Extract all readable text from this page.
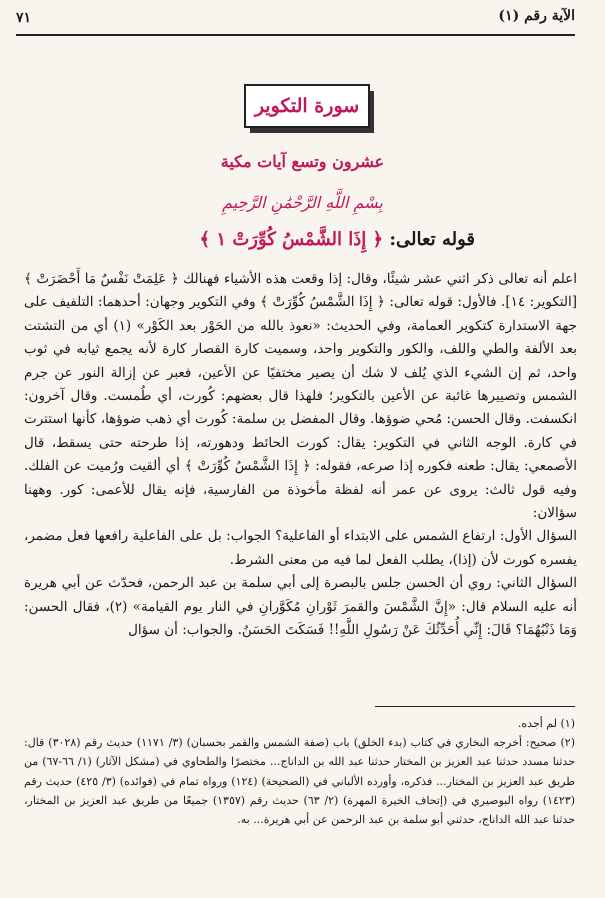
الآية رقم (١)
٧١
سورة التكوير
عشرون وتسع آيات مكية
بِسْمِ اللَّهِ الرَّحْمَٰنِ الرَّحِيمِ
قوله تعالى: ﴿ إِذَا الشَّمْسُ كُوِّرَتْ ١ ﴾

اعلم أنه تعالى ذكر اثني عشر شيئًا، وقال: إذا وقعت هذه الأشياء فهنالك ﴿ عَلِمَتْ نَفْسٌ مَا أَحْضَرَتْ ﴾ [التكوير: ١٤]. فالأول: قوله تعالى: ﴿ إِذَا الشَّمْسُ كُوِّرَتْ ﴾ وفي التكوير وجهان: أحدهما: التلفيف على جهة الاستدارة كتكوير العمامة، وفي الحديث: «نعوذ بالله من الحَوْر بعد الكَوْر» (١) أي من التشتت بعد الألفة والطي واللف، والكور والتكوير واحد، وسميت كارة القصار كارة لأنه يجمع ثيابه في ثوب واحد، ثم إن الشيء الذي يُلف لا شك أن يصير مختفيًا عن الأعين، فعبر عن إزالة النور عن جرم الشمس وتصييرها غائبة عن الأعين بالتكوير؛ فلهذا قال بعضهم: كُورت، أي طُمست. وقال آخرون: انكسفت. وقال الحسن: مُحي ضوؤها. وقال المفضل بن سلمة: كُورت أي ذهب ضوؤها، كأنها استترت في كارة. الوجه الثاني في التكوير: يقال: كورت الحائط ودهورته، إذا طرحته حتى يسقط، قال الأصمعي: يقال: طعنه فكوره إذا صرعه، فقوله: ﴿ إِذَا الشَّمْسُ كُوِّرَتْ ﴾ أي ألقيت ورُميت عن الفلك. وفيه قول ثالث: يروى عن عمر أنه لفظة مأخوذة من الفارسية، فإنه يقال للأعمى: كور. وههنا سؤالان:

السؤال الأول: ارتفاع الشمس على الابتداء أو الفاعلية؟ الجواب: بل على الفاعلية رافعها فعل مضمر، يفسره كورت لأن (إذا)، يطلب الفعل لما فيه من معنى الشرط.

السؤال الثاني: روي أن الحسن جلس بالبصرة إلى أبي سلمة بن عبد الرحمن، فحدّث عن أبي هريرة أنه عليه السلام قال: «إِنَّ الشَّمْسَ والقمرَ ثَوْرانِ مُكَوَّرانِ في النار يوم القيامة» (٢)، فقال الحسن: وَمَا ذَنْبُهُمَا؟ قَالَ: إِنِّي أُحَدِّثُكَ عَنْ رَسُولِ اللَّهِ!! فَسَكَتَ الحَسَنُ. والجواب: أن سؤال

(١) لم أجده.

(٢) صحيح: أخرجه البخاري في كتاب (بدء الخلق) باب (صفة الشمس والقمر بحسبان) (٣/ ١١٧١) حديث رقم (٣٠٢٨) قال: حدثنا مسدد حدثنا عبد العزيز بن المختار حدثنا عبد الله بن الداناج... مختصرًا والطحاوي في (مشكل الآثار) (١/ ٦٦-٦٧) من طريق عبد العزيز بن المختار... فذكره، وأورده الألباني في (الصحيحة) (١٢٤) ورواه تمام في (فوائده) (٣/ ٤٢٥) حديث رقم (١٤٢٣) رواه البوصيري في (إتحاف الخيرة المهرة) (٢/ ٦٣) حديث رقم (١٣٥٧) جميعًا من طريق عبد العزيز بن المختار، حدثنا عبد الله الداناج، حدثني أبو سلمة بن عبد الرحمن عن أبي هريرة... به.
